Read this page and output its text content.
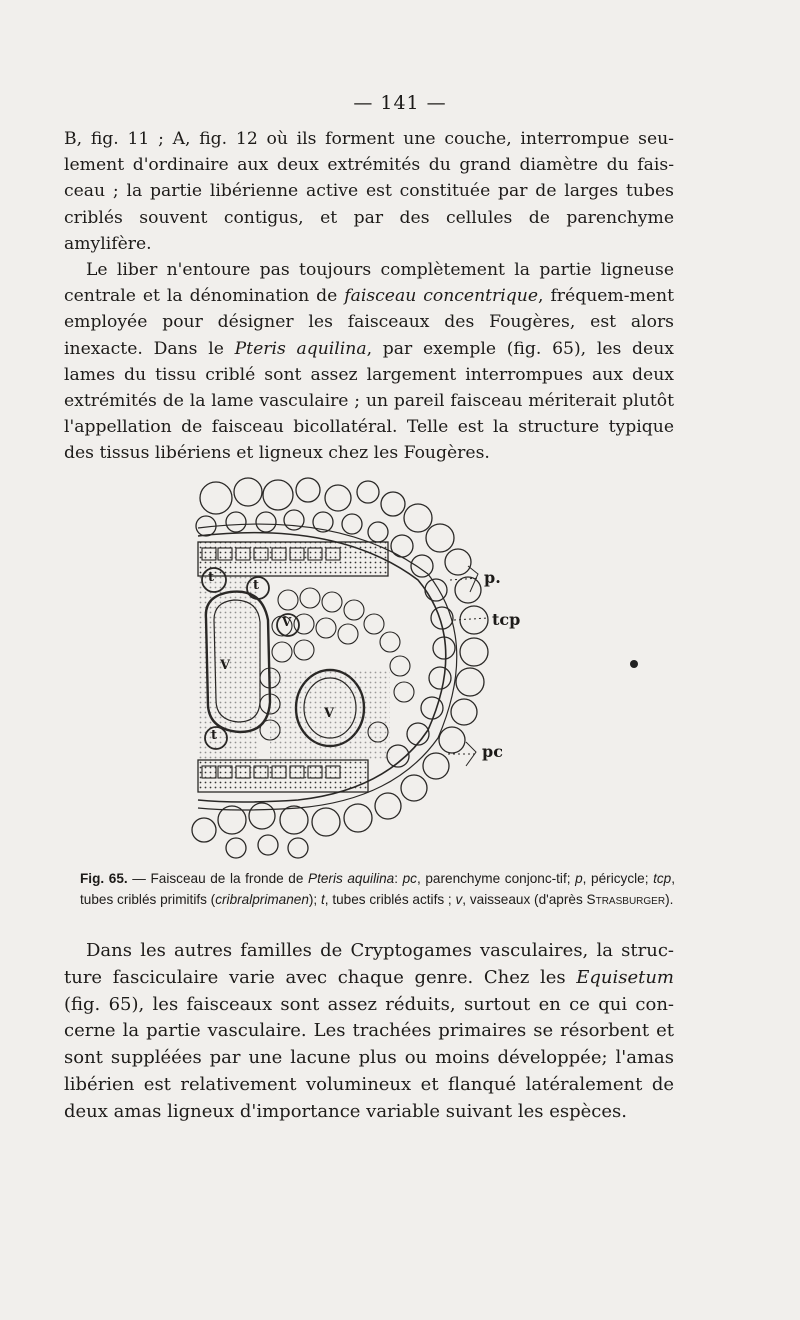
— 141 —

B, fig. 11 ; A, fig. 12 où ils forment une couche, interrompue seu-lement d'ordinaire aux deux extrémités du grand diamètre du fais-ceau ; la partie libérienne active est constituée par de larges tubes criblés souvent contigus, et par des cellules de parenchyme amylifère.

Le liber n'entoure pas toujours complètement la partie ligneuse centrale et la dénomination de faisceau concentrique, fréquem-ment employée pour désigner les faisceaux des Fougères, est alors inexacte. Dans le Pteris aquilina, par exemple (fig. 65), les deux lames du tissu criblé sont assez largement interrompues aux deux extrémités de la lame vasculaire ; un pareil faisceau mériterait plutôt l'appellation de faisceau bicollatéral. Telle est la structure typique des tissus libériens et ligneux chez les Fougères.

p.
tcp
pc
t
t
t
V
V
V
Fig. 65. — Faisceau de la fronde de Pteris aquilina: pc, parenchyme conjonc-tif; p, péricycle; tcp, tubes criblés primitifs (cribralprimanen); t, tubes criblés actifs ; v, vaisseaux (d'après Strasburger).

Dans les autres familles de Cryptogames vasculaires, la struc-ture fasciculaire varie avec chaque genre. Chez les Equisetum (fig. 65), les faisceaux sont assez réduits, surtout en ce qui con-cerne la partie vasculaire. Les trachées primaires se résorbent et sont suppléées par une lacune plus ou moins développée; l'amas libérien est relativement volumineux et flanqué latéralement de deux amas ligneux d'importance variable suivant les espèces.
